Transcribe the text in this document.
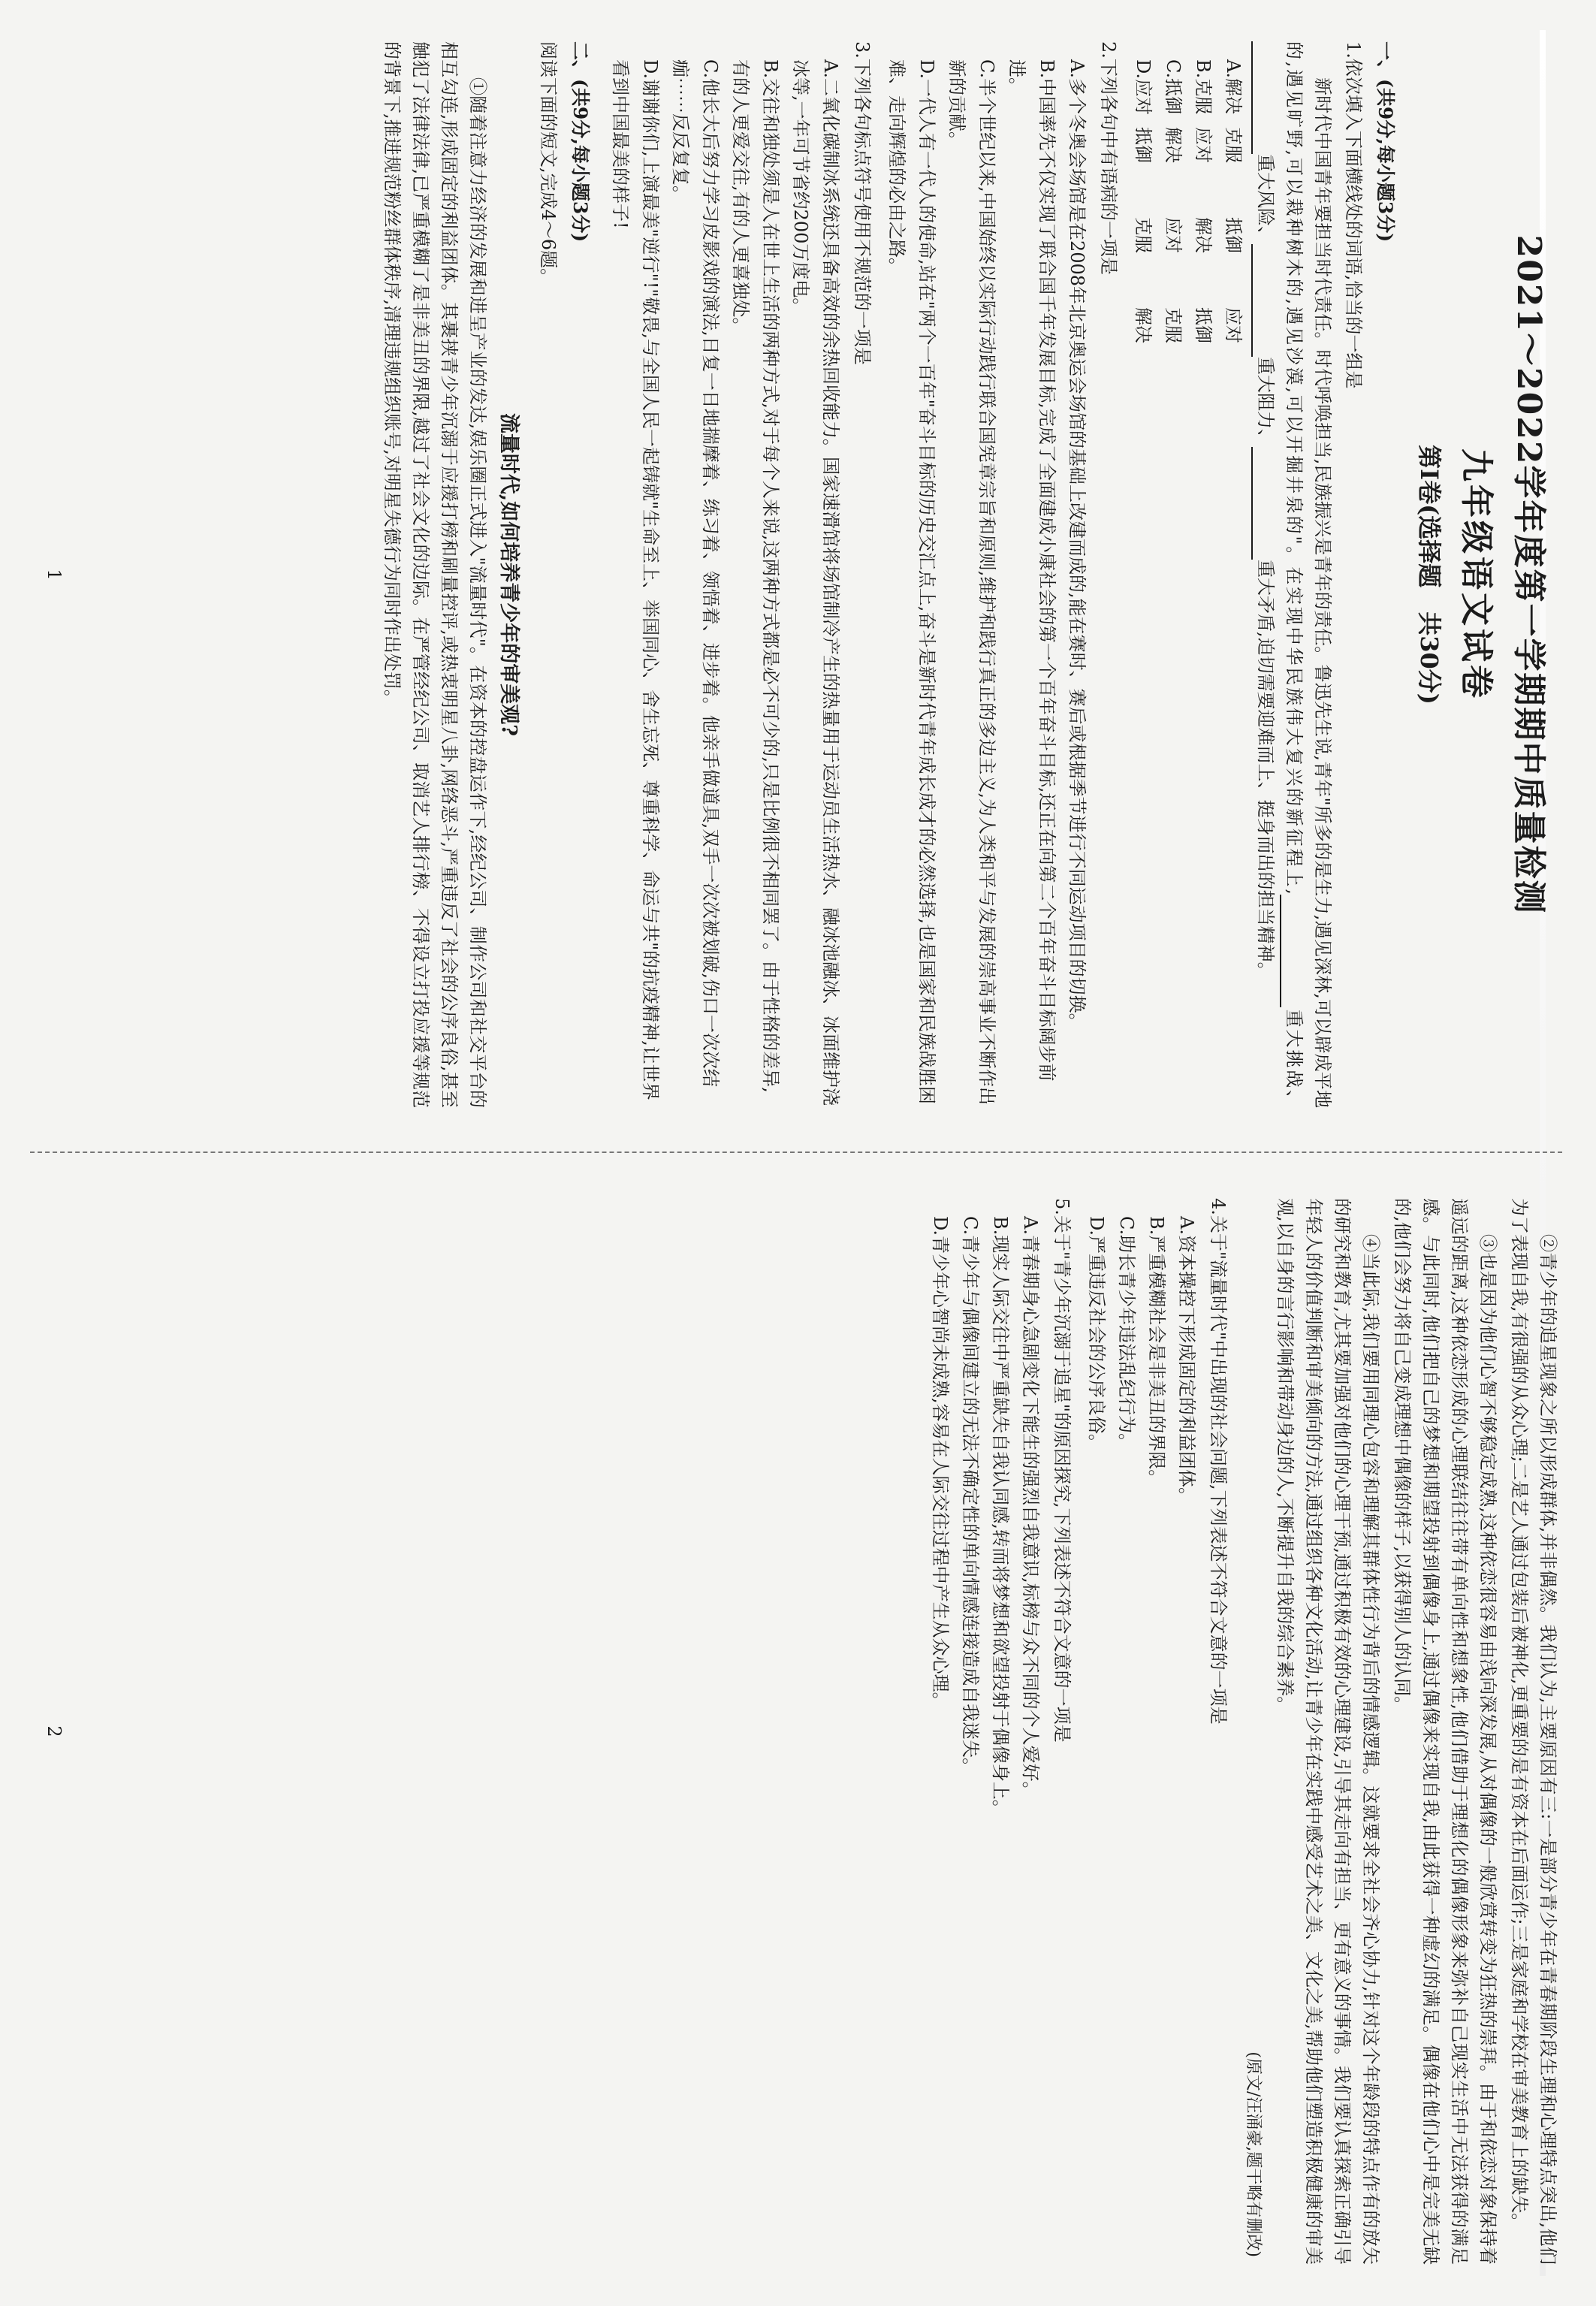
2021～2022学年度第一学期期中质量检测
九年级语文试卷
第Ⅰ卷(选择题　共30分)
一、(共9分,每小题3分)
1.依次填入下面横线处的词语,恰当的一组是
新时代中国青年要担当时代责任。时代呼唤担当,民族振兴是青年的责任。鲁迅先生说,青年"所多的是生力,遇见深林,可以辟成平地的,遇见旷野,可以栽种树木的,遇见沙漠,可以开掘井泉的"。在实现中华民族伟大复兴的新征程上,重大挑战、重大风险、重大阻力、重大矛盾,迫切需要迎难而上、挺身而出的担当精神。
A.解决
克服
抵御
应对
B.克服
应对
解决
抵御
C.抵御
解决
应对
克服
D.应对
抵御
克服
解决
2.下列各句中有语病的一项是
A.多个冬奥会场馆是在2008年北京奥运会场馆的基础上改建而成的,能在赛时、赛后或根据季节进行不同运动项目的切换。
B.中国率先不仅实现了联合国千年发展目标,完成了全面建成小康社会的第一个百年奋斗目标,还正在向第二个百年奋斗目标阔步前进。
C.半个世纪以来,中国始终以实际行动践行联合国宪章宗旨和原则,维护和践行真正的多边主义,为人类和平与发展的崇高事业不断作出新的贡献。
D.一代人有一代人的使命,站在"两个一百年"奋斗目标的历史交汇点上,奋斗是新时代青年成长成才的必然选择,也是国家和民族战胜困难、走向辉煌的必由之路。
3.下列各句标点符号使用不规范的一项是
A.二氧化碳制冰系统还具备高效的余热回收能力。国家速滑馆将场馆制冷产生的热量用于运动员生活热水、融冰池融冰、冰面维护浇冰等,一年可节省约200万度电。
B.交往和独处须是人在世上生活的两种方式,对于每个人来说,这两种方式都是必不可少的,只是比例很不相同罢了。由于性格的差异,有的人更爱交往,有的人更喜独处。
C.他长大后努力学习皮影戏的演法,日复一日地揣摩着、练习着、领悟着、进步着。他亲手做道具,双手一次次被划破,伤口一次次结痂⋯⋯反反复复。
D.谢谢你们,上演最美"逆行"!"敬畏,与全国人民一起铸就"生命至上、举国同心、舍生忘死、尊重科学、命运与共"的抗疫精神,让世界看到中国最美的样子!
二、(共9分,每小题3分)
阅读下面的短文,完成4～6题。
流量时代,如何培养青少年的审美观?
①随着注意力经济的发展和进呈产业的发达,娱乐圈正式进入"流量时代"。在资本的控盘运作下,经纪公司、制作公司和社交平台的相互勾连,形成固定的利益团体。其裹挟青少年沉溺于应援打榜和刷量控评,或热衷明星八卦,网络恶斗,严重违反了社会的公序良俗,甚至触犯了法律法律,已严重模糊了是非美丑的界限,越过了社会文化的边际。在严管经纪公司、取消艺人排行榜、不得设立打投应援等规范的背景下,推进规范粉丝群体秩序,清理违规组织账号,对明星失德行为同时作出处罚。
1
②青少年的追星现象之所以形成群体,并非偶然。我们认为,主要原因有三:一是部分青少年在青春期阶段生理和心理特点突出,他们为了表现自我,有很强的从众心理;二是艺人通过包装后被神化,更重要的是有资本在后面运作;三是家庭和学校在审美教育上的缺失。
③也是因为他们心智不够稳定成熟,这种依恋很容易由浅向深发展,从对偶像的一般欣赏转变为狂热的崇拜。由于和依恋对象保持着遥远的距离,这种依恋形成的心理联结往往带有单向性和想象性,他们借助于理想化的偶像形象来弥补自己现实生活中无法获得的满足感。与此同时,他们把自己的梦想和期望投射到偶像身上,通过偶像来实现自我,由此获得一种虚幻的满足。偶像在他们心中是完美无缺的,他们会努力将自己变成理想中偶像的样子,以获得别人的认同。
④当此际,我们要用同理心包容和理解其群体性行为背后的情感逻辑。这就要求全社会齐心协力,针对这个年龄段的特点作有的放矢的研究和教育,尤其要加强对他们的心理干预,通过积极有效的心理建设,引导其走向有担当、更有意义的事情。我们要认真探索正确引导年轻人的价值判断和审美倾向的方法,通过组织各种文化活动,让青少年在实践中感受艺术之美、文化之美,帮助他们塑造积极健康的审美观,以自身的言行影响和带动身边的人,不断提升自我的综合素养。
(原文/汪涌豪,题干略有删改)
4.关于"流量时代"中出现的社会问题,下列表述不符合文意的一项是
A.资本操控下形成固定的利益团体。
B.严重模糊社会是非美丑的界限。
C.助长青少年违法乱纪行为。
D.严重违反社会的公序良俗。
5.关于"青少年沉溺于追星"的原因探究,下列表述不符合文意的一项是
A.青春期身心急剧变化下能生的强烈自我意识,标榜与众不同的个人爱好。
B.现实人际交往中严重缺失自我认同感,转而将梦想和欲望投射于偶像身上。
C.青少年与偶像间建立的无法不确定性的单向情感连接造成自我迷失。
D.青少年心智尚未成熟,容易在人际交往过程中产生从众心理。
2
